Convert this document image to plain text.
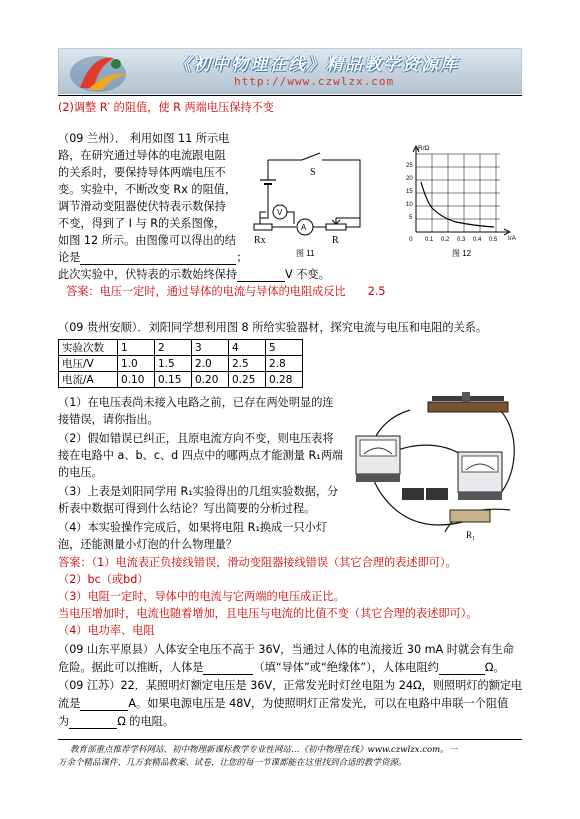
《初中物理在线》精品教学资源库
http://www.czwlzx.com
(2)调整 R′ 的阻值，使 R 两端电压保持不变
（09 兰州）． 利用如图 11 所示电
路，在研究通过导体的电流跟电阻
的关系时，要保持导体两端电压不
变。实验中，不断改变 Rx 的阻值，
调节滑动变阻器使伏特表示数保持
不变，得到了 I 与 R的关系图像，
如图 12 所示。由图像可以得出的结
论是	；
此次实验中，伏特表的示数始终保持	V 不变。
答案：电压一定时，通过导体的电流与导体的电阻成反比 2.5
S
V
A
Rx	R
图 11
R/Ω
I/A
0
25
20
15
10
5
0.1 0.2 0.3 0.4 0.5
图 12
（09 贵州安顺）．刘阳同学想利用图 8 所给实验器材，探究电流与电压和电阻的关系。
实验次数	1	2	3	4	5
电压/V	1.0	1.5	2.0	2.5	2.8
电流/A	0.10	0.15	0.20	0.25	0.28
（1）在电压表尚未接入电路之前，已存在两处明显的连
接错误，请你指出。
（2）假如错误已纠正，且原电流方向不变，则电压表将
接在电路中 a、b、c、d 四点中的哪两点才能测量 R₁两端
的电压。
（3）上表是刘阳同学用 R₁实验得出的几组实验数据，分
析表中数据可得到什么结论？写出简要的分析过程。
（4）本实验操作完成后，如果将电阻 R₁换成一只小灯
泡，还能测量小灯泡的什么物理量？
R₁
答案：（1）电流表正负接线错误，滑动变阻器接线错误（其它合理的表述即可）。
（2）bc（或bd）
（3）电阻一定时，导体中的电流与它两端的电压成正比。
当电压增加时，电流也随着增加，且电压与电流的比值不变（其它合理的表述即可）。
（4）电功率、电阻
（09 山东平原县）人体安全电压不高于 36V，当通过人体的电流接近 30 mA 时就会有生命
危险。据此可以推断，人体是	（填“导体”或“绝缘体”），人体电阻约	Ω。
（09 江苏）22．某照明灯额定电压是 36V，正常发光时灯丝电阻为 24Ω，则照明灯的额定电
流是	A。如果电源电压是 48V，为使照明灯正常发光，可以在电路中串联一个阻值
为	Ω 的电阻。
教育部重点推荐学科网站、初中物理新课标教学专业性网站…《初中物理在线》www.czwlzx.com。一
万余个精品课件、几万套精品教案、试卷，让您的每一节课都能在这里找到合适的教学资源。
